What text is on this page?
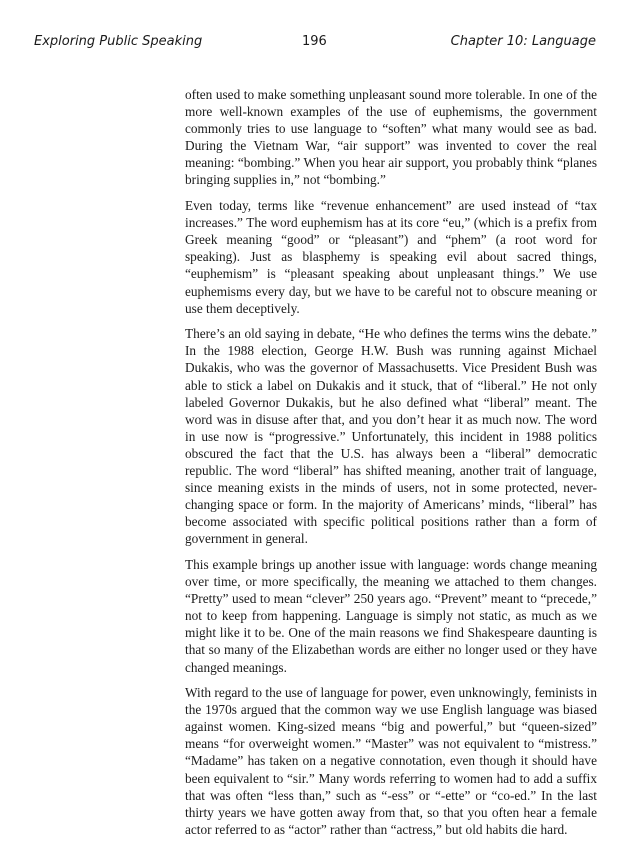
Exploring Public Speaking	196	Chapter 10: Language

often used to make something unpleasant sound more tolerable. In one of the more well-known examples of the use of euphemisms, the government commonly tries to use language to “soften” what many would see as bad. During the Vietnam War, “air support” was invented to cover the real meaning: “bombing.” When you hear air support, you probably think “planes bringing supplies in,” not “bombing.”

Even today, terms like “revenue enhancement” are used instead of “tax increases.” The word euphemism has at its core “eu,” (which is a prefix from Greek meaning “good” or “pleasant”) and “phem” (a root word for speaking). Just as blasphemy is speaking evil about sacred things, “euphemism” is “pleasant speaking about unpleasant things.” We use euphemisms every day, but we have to be careful not to obscure meaning or use them deceptively.

There’s an old saying in debate, “He who defines the terms wins the debate.” In the 1988 election, George H.W. Bush was running against Michael Dukakis, who was the governor of Massachusetts. Vice President Bush was able to stick a label on Dukakis and it stuck, that of “liberal.” He not only labeled Governor Dukakis, but he also defined what “liberal” meant. The word was in disuse after that, and you don’t hear it as much now. The word in use now is “progressive.” Unfortunately, this incident in 1988 politics obscured the fact that the U.S. has always been a “liberal” democratic republic. The word “liberal” has shifted meaning, another trait of language, since meaning exists in the minds of users, not in some protected, never-changing space or form. In the majority of Americans’ minds, “liberal” has become associated with specific political positions rather than a form of government in general.

This example brings up another issue with language: words change meaning over time, or more specifically, the meaning we attached to them changes. “Pretty” used to mean “clever” 250 years ago. “Prevent” meant to “precede,” not to keep from happening. Language is simply not static, as much as we might like it to be. One of the main reasons we find Shakespeare daunting is that so many of the Elizabethan words are either no longer used or they have changed meanings.

With regard to the use of language for power, even unknowingly, feminists in the 1970s argued that the common way we use English language was biased against women. King-sized means “big and powerful,” but “queen-sized” means “for overweight women.” “Master” was not equivalent to “mistress.” “Madame” has taken on a negative connotation, even though it should have been equivalent to “sir.” Many words referring to women had to add a suffix that was often “less than,” such as “-ess” or “-ette” or “co-ed.” In the last thirty years we have gotten away from that, so that you often hear a female actor referred to as “actor” rather than “actress,” but old habits die hard.
